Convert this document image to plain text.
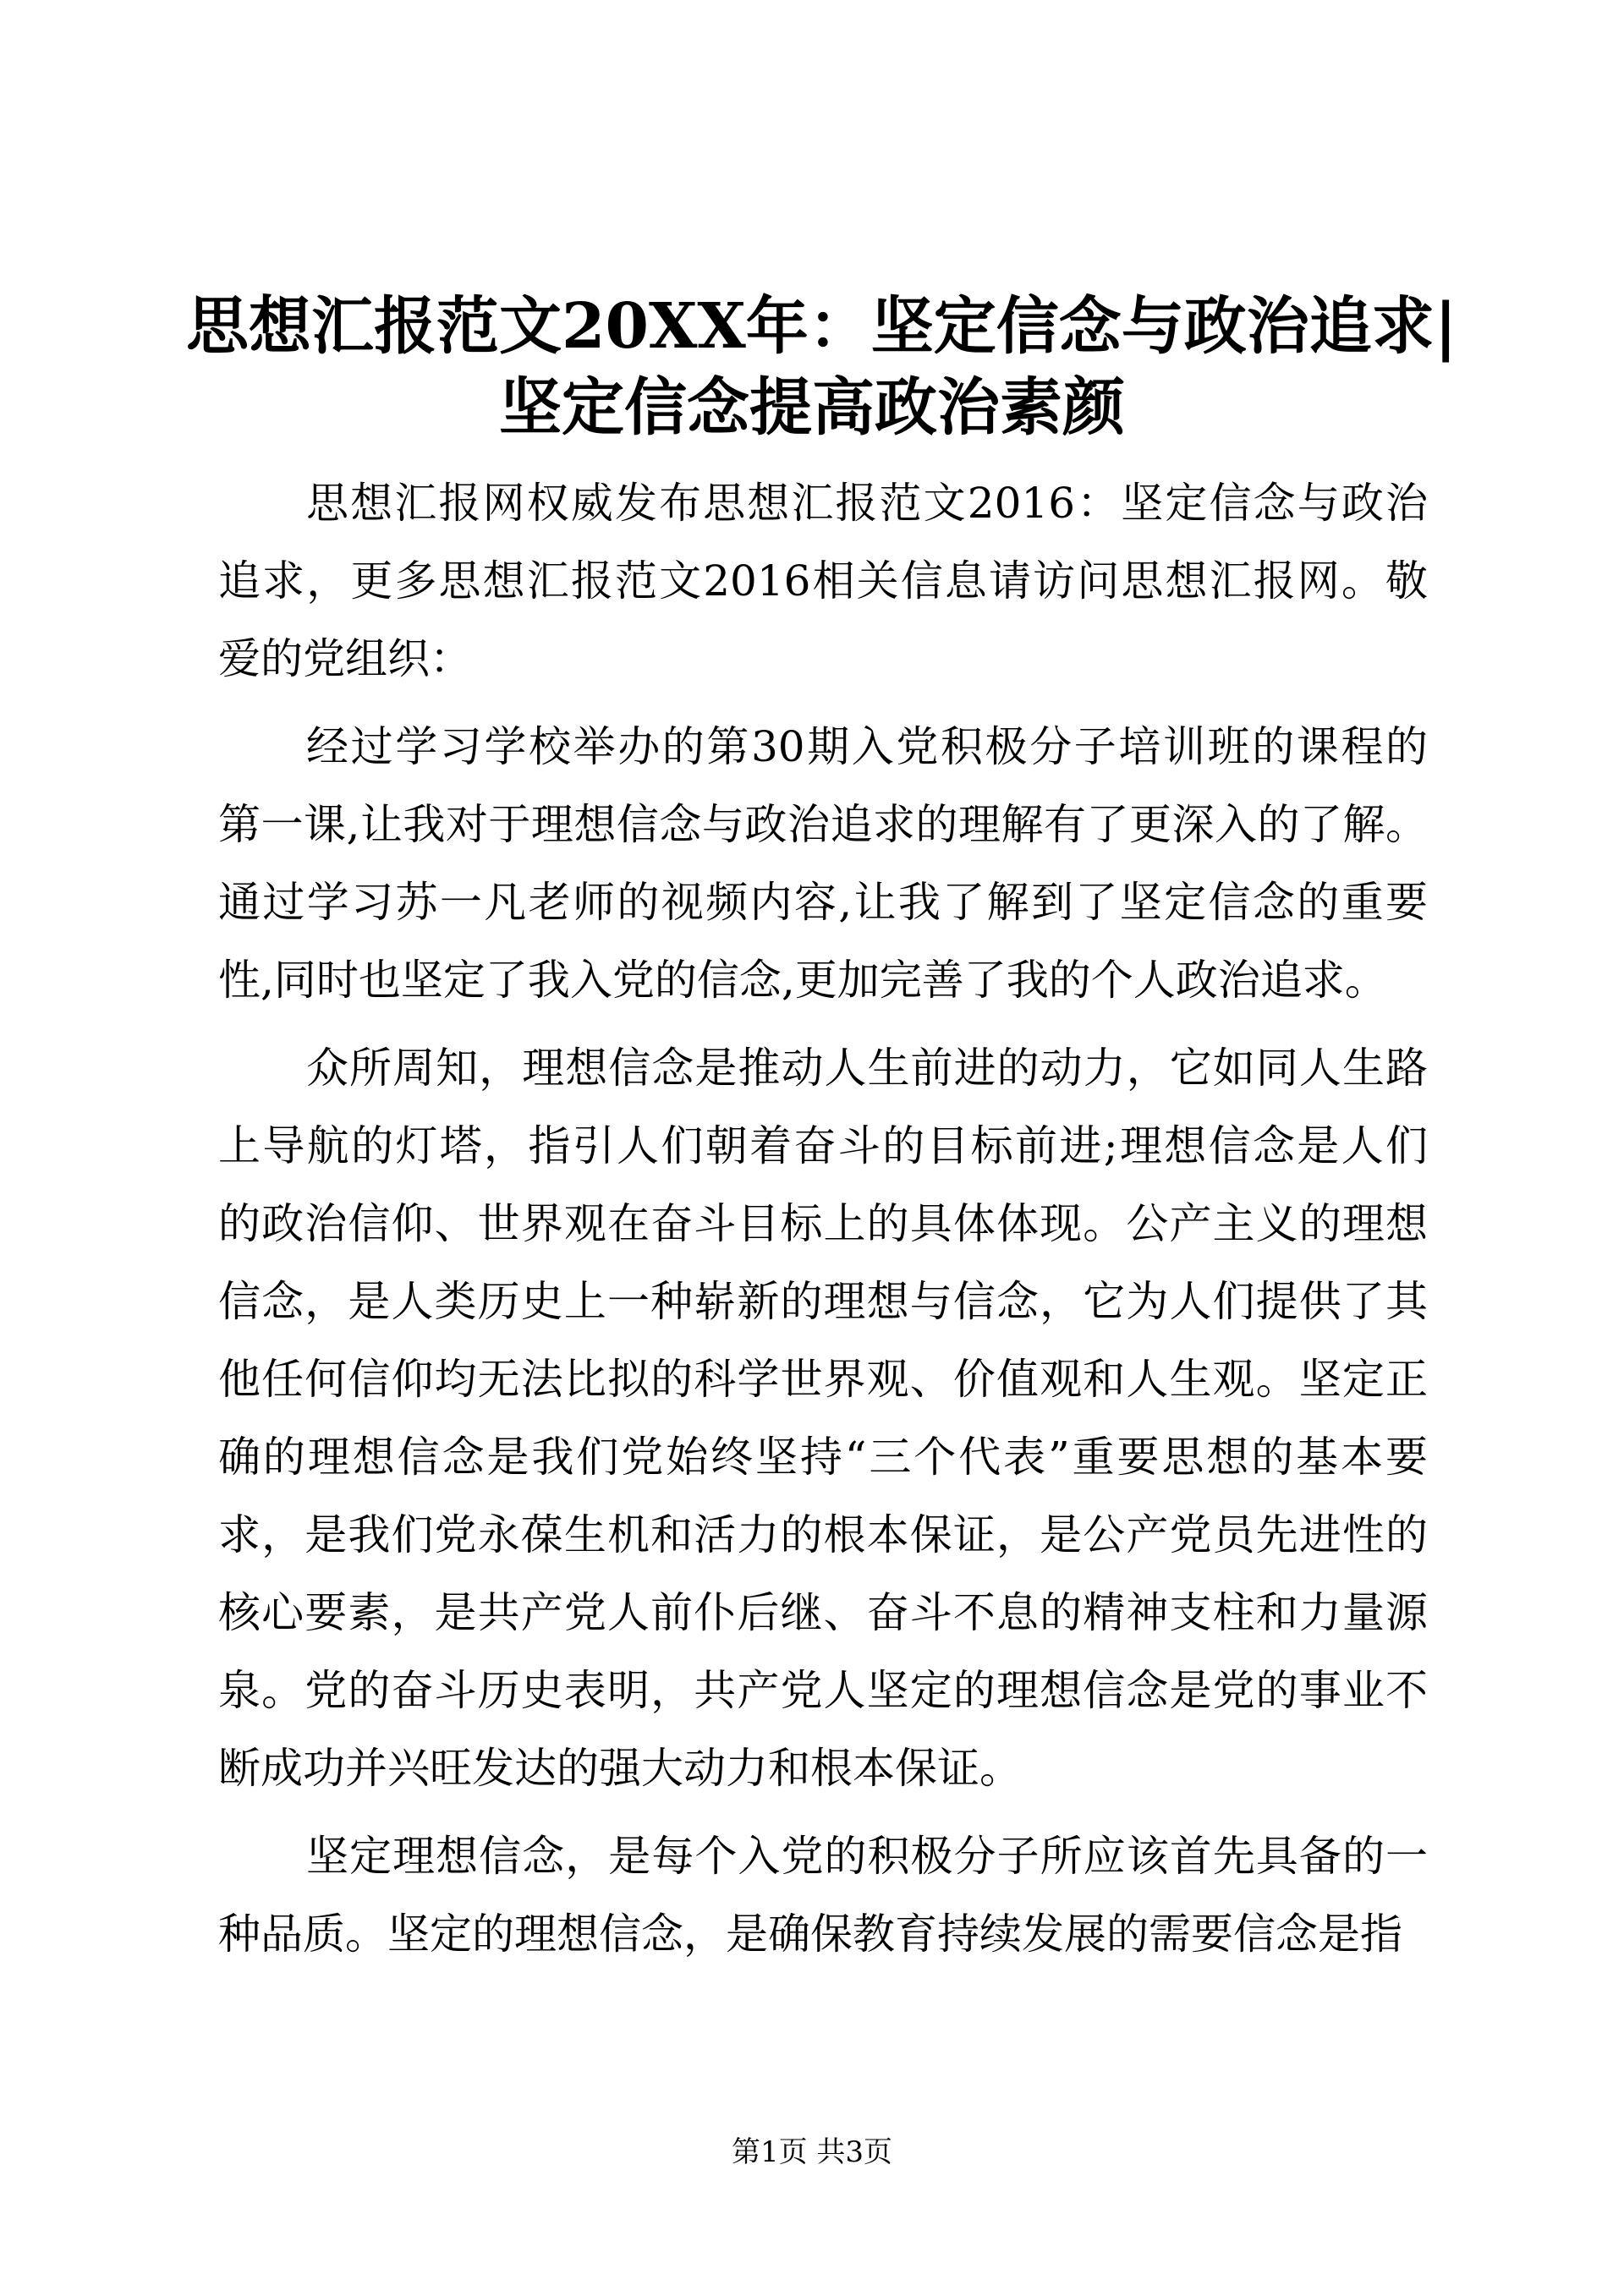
思想汇报范文20XX年：坚定信念与政治追求|
坚定信念提高政治素颜
思想汇报网权威发布思想汇报范文2016：坚定信念与政治
追求，更多思想汇报范文2016相关信息请访问思想汇报网。敬
爱的党组织：
经过学习学校举办的第30期入党积极分子培训班的课程的
第一课,让我对于理想信念与政治追求的理解有了更深入的了解。
通过学习苏一凡老师的视频内容,让我了解到了坚定信念的重要
性,同时也坚定了我入党的信念,更加完善了我的个人政治追求。
众所周知，理想信念是推动人生前进的动力，它如同人生路
上导航的灯塔，指引人们朝着奋斗的目标前进;理想信念是人们
的政治信仰、世界观在奋斗目标上的具体体现。公产主义的理想
信念，是人类历史上一种崭新的理想与信念，它为人们提供了其
他任何信仰均无法比拟的科学世界观、价值观和人生观。坚定正
确的理想信念是我们党始终坚持“三个代表”重要思想的基本要
求，是我们党永葆生机和活力的根本保证，是公产党员先进性的
核心要素，是共产党人前仆后继、奋斗不息的精神支柱和力量源
泉。党的奋斗历史表明，共产党人坚定的理想信念是党的事业不
断成功并兴旺发达的强大动力和根本保证。
坚定理想信念，是每个入党的积极分子所应该首先具备的一
种品质。坚定的理想信念，是确保教育持续发展的需要信念是指
第1页 共3页
